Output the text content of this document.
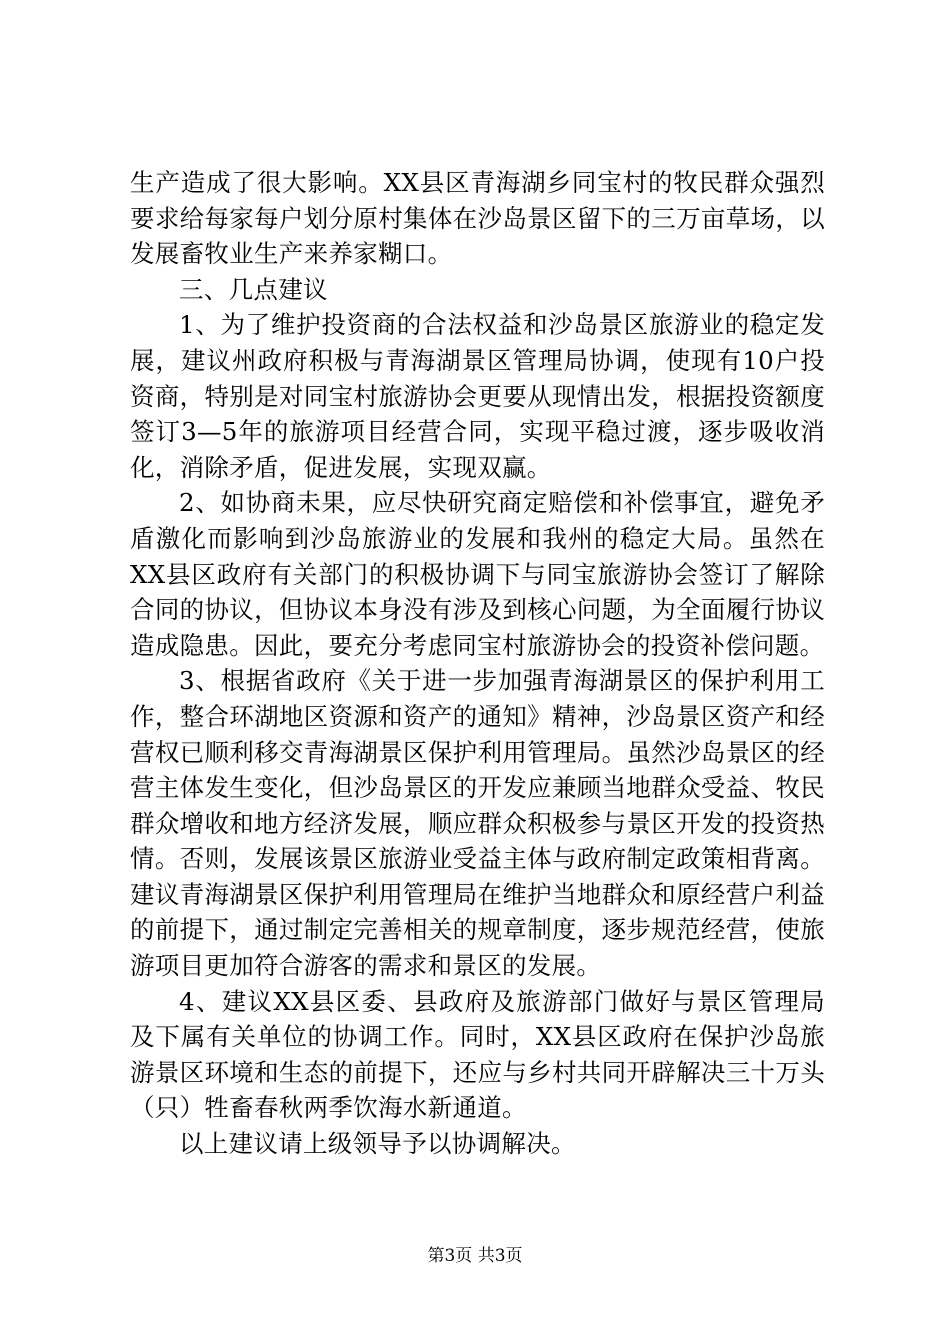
生产造成了很大影响。XX县区青海湖乡同宝村的牧民群众强烈要求给每家每户划分原村集体在沙岛景区留下的三万亩草场，以发展畜牧业生产来养家糊口。

三、几点建议

1、为了维护投资商的合法权益和沙岛景区旅游业的稳定发展，建议州政府积极与青海湖景区管理局协调，使现有10户投资商，特别是对同宝村旅游协会更要从现情出发，根据投资额度签订3—5年的旅游项目经营合同，实现平稳过渡，逐步吸收消化，消除矛盾，促进发展，实现双赢。

2、如协商未果，应尽快研究商定赔偿和补偿事宜，避免矛盾激化而影响到沙岛旅游业的发展和我州的稳定大局。虽然在XX县区政府有关部门的积极协调下与同宝旅游协会签订了解除合同的协议，但协议本身没有涉及到核心问题，为全面履行协议造成隐患。因此，要充分考虑同宝村旅游协会的投资补偿问题。

3、根据省政府《关于进一步加强青海湖景区的保护利用工作，整合环湖地区资源和资产的通知》精神，沙岛景区资产和经营权已顺利移交青海湖景区保护利用管理局。虽然沙岛景区的经营主体发生变化，但沙岛景区的开发应兼顾当地群众受益、牧民群众增收和地方经济发展，顺应群众积极参与景区开发的投资热情。否则，发展该景区旅游业受益主体与政府制定政策相背离。建议青海湖景区保护利用管理局在维护当地群众和原经营户利益的前提下，通过制定完善相关的规章制度，逐步规范经营，使旅游项目更加符合游客的需求和景区的发展。

4、建议XX县区委、县政府及旅游部门做好与景区管理局及下属有关单位的协调工作。同时，XX县区政府在保护沙岛旅游景区环境和生态的前提下，还应与乡村共同开辟解决三十万头（只）牲畜春秋两季饮海水新通道。

以上建议请上级领导予以协调解决。

第3页 共3页
